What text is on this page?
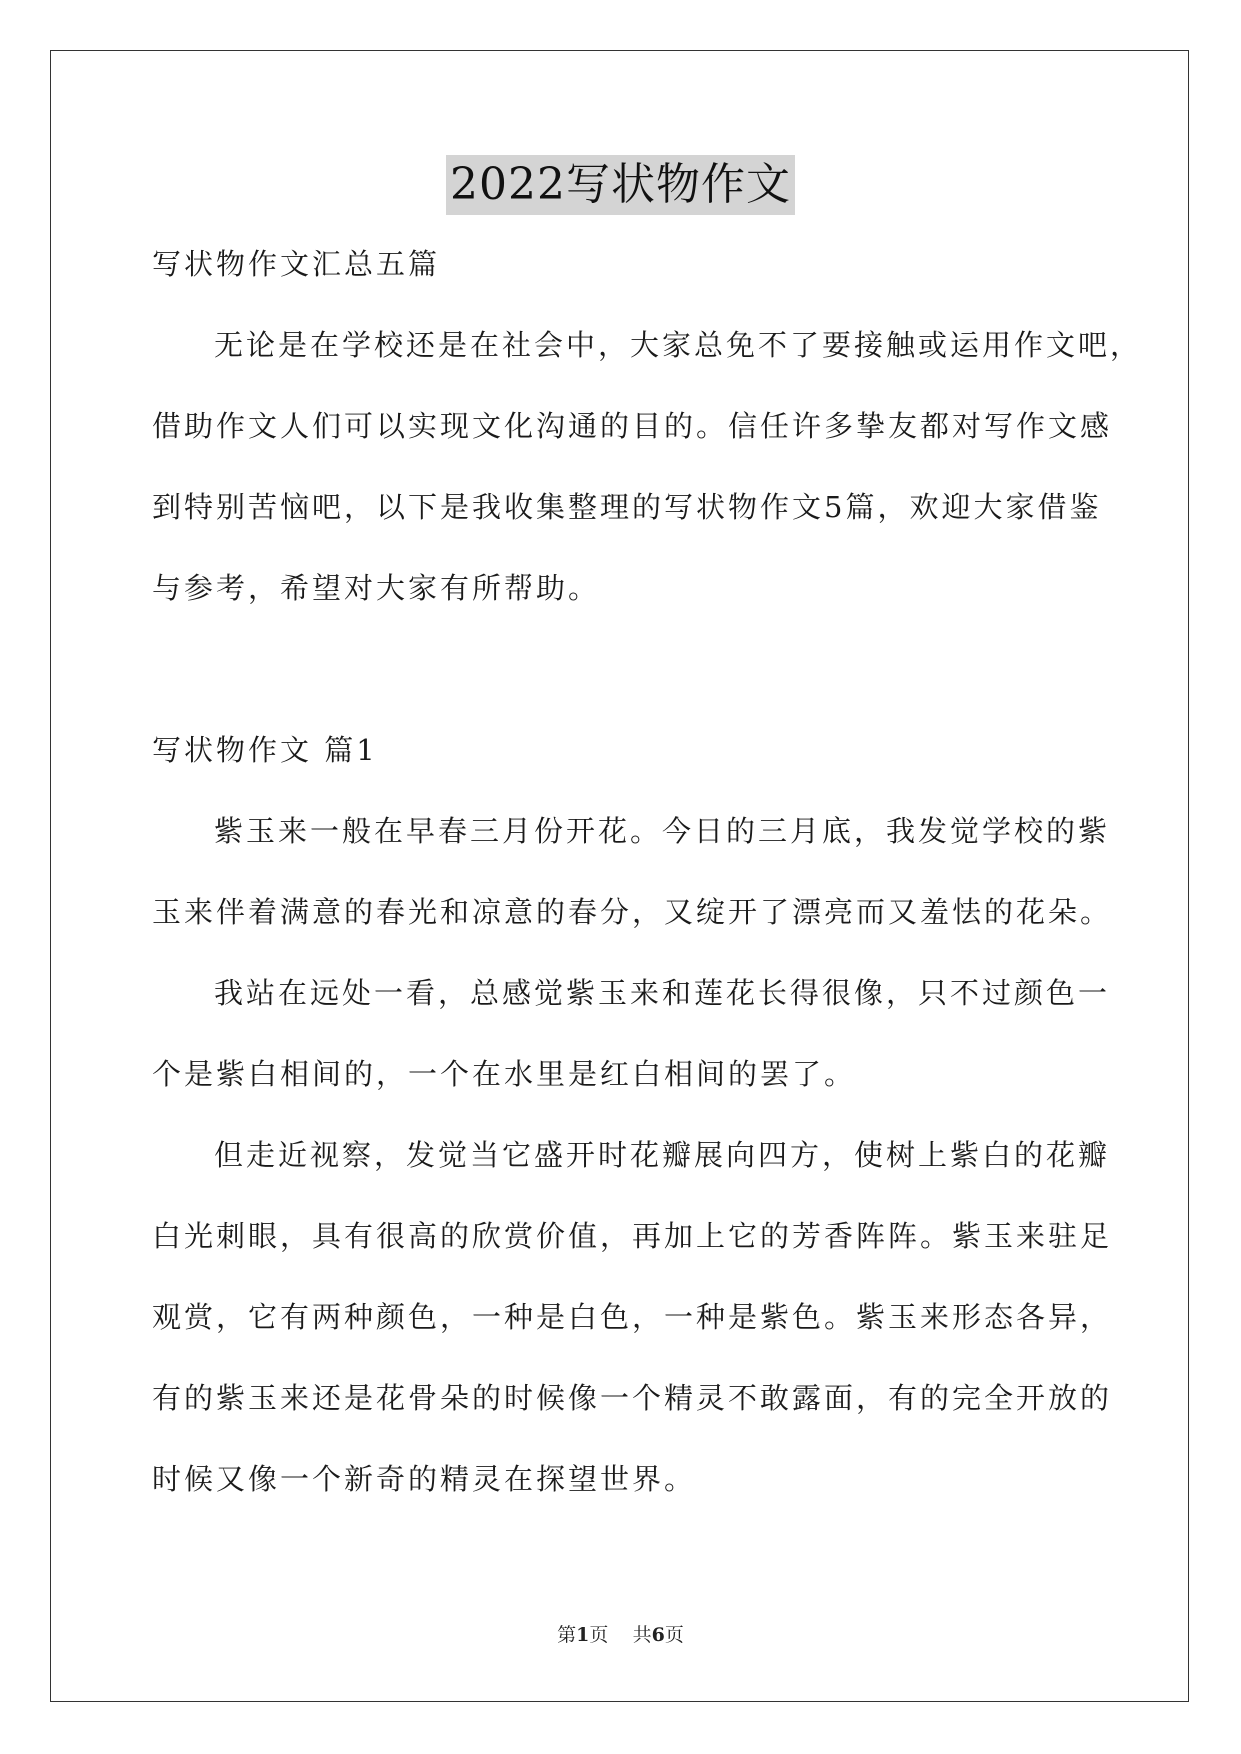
2022写状物作文
写状物作文汇总五篇
无论是在学校还是在社会中，大家总免不了要接触或运用作文吧，
借助作文人们可以实现文化沟通的目的。信任许多挚友都对写作文感
到特别苦恼吧，以下是我收集整理的写状物作文5篇，欢迎大家借鉴
与参考，希望对大家有所帮助。
写状物作文 篇1
紫玉来一般在早春三月份开花。今日的三月底，我发觉学校的紫
玉来伴着满意的春光和凉意的春分，又绽开了漂亮而又羞怯的花朵。
我站在远处一看，总感觉紫玉来和莲花长得很像，只不过颜色一
个是紫白相间的，一个在水里是红白相间的罢了。
但走近视察，发觉当它盛开时花瓣展向四方，使树上紫白的花瓣
白光刺眼，具有很高的欣赏价值，再加上它的芳香阵阵。紫玉来驻足
观赏，它有两种颜色，一种是白色，一种是紫色。紫玉来形态各异，
有的紫玉来还是花骨朵的时候像一个精灵不敢露面，有的完全开放的
时候又像一个新奇的精灵在探望世界。
第1页    共6页
